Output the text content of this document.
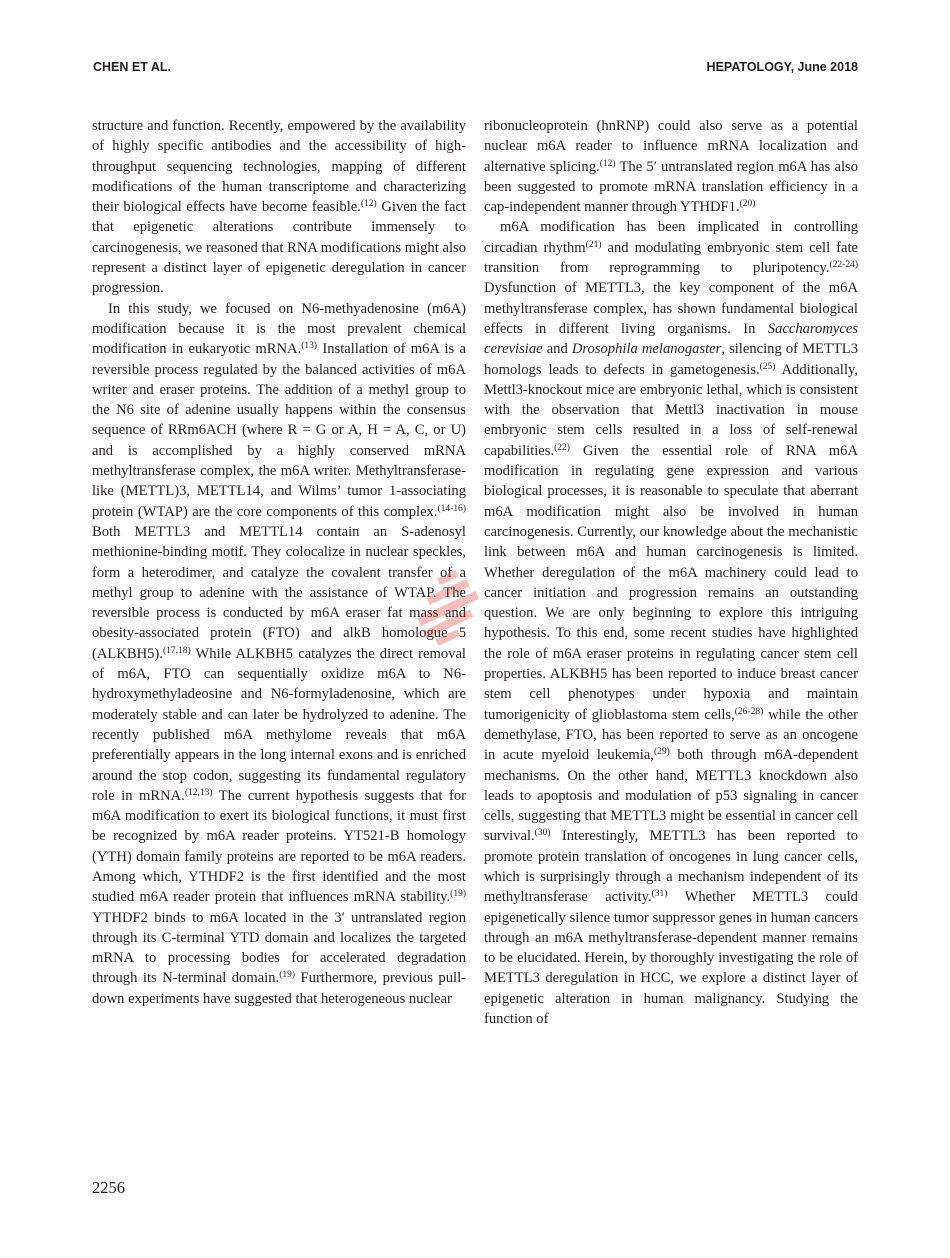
CHEN ET AL.	HEPATOLOGY, June 2018

structure and function. Recently, empowered by the availability of highly specific antibodies and the accessibility of high-throughput sequencing technologies, mapping of different modifications of the human transcriptome and characterizing their biological effects have become feasible.$^{(12)}$ Given the fact that epigenetic alterations contribute immensely to carcinogenesis, we reasoned that RNA modifications might also represent a distinct layer of epigenetic deregulation in cancer progression.

In this study, we focused on N6-methyadenosine (m6A) modification because it is the most prevalent chemical modification in eukaryotic mRNA.$^{(13)}$ Installation of m6A is a reversible process regulated by the balanced activities of m6A writer and eraser proteins. The addition of a methyl group to the N6 site of adenine usually happens within the consensus sequence of RRm6ACH (where R = G or A, H = A, C, or U) and is accomplished by a highly conserved mRNA methyltransferase complex, the m6A writer. Methyltransferase-like (METTL)3, METTL14, and Wilms’ tumor 1-associating protein (WTAP) are the core components of this complex.$^{(14-16)}$ Both METTL3 and METTL14 contain an S-adenosyl methionine-binding motif. They colocalize in nuclear speckles, form a heterodimer, and catalyze the covalent transfer of a methyl group to adenine with the assistance of WTAP. The reversible process is conducted by m6A eraser fat mass and obesity-associated protein (FTO) and alkB homologue 5 (ALKBH5).$^{(17,18)}$ While ALKBH5 catalyzes the direct removal of m6A, FTO can sequentially oxidize m6A to N6-hydroxymethyladeosine and N6-formyladenosine, which are moderately stable and can later be hydrolyzed to adenine. The recently published m6A methylome reveals that m6A preferentially appears in the long internal exons and is enriched around the stop codon, suggesting its fundamental regulatory role in mRNA.$^{(12,13)}$ The current hypothesis suggests that for m6A modification to exert its biological functions, it must first be recognized by m6A reader proteins. YT521-B homology (YTH) domain family proteins are reported to be m6A readers. Among which, YTHDF2 is the first identified and the most studied m6A reader protein that influences mRNA stability.$^{(19)}$ YTHDF2 binds to m6A located in the 3′ untranslated region through its C-terminal YTD domain and localizes the targeted mRNA to processing bodies for accelerated degradation through its N-terminal domain.$^{(19)}$ Furthermore, previous pull-down experiments have suggested that heterogeneous nuclear

ribonucleoprotein (hnRNP) could also serve as a potential nuclear m6A reader to influence mRNA localization and alternative splicing.$^{(12)}$ The 5′ untranslated region m6A has also been suggested to promote mRNA translation efficiency in a cap-independent manner through YTHDF1.$^{(20)}$

m6A modification has been implicated in controlling circadian rhythm$^{(21)}$ and modulating embryonic stem cell fate transition from reprogramming to pluripotency.$^{(22-24)}$ Dysfunction of METTL3, the key component of the m6A methyltransferase complex, has shown fundamental biological effects in different living organisms. In Saccharomyces cerevisiae and Drosophila melanogaster, silencing of METTL3 homologs leads to defects in gametogenesis.$^{(25)}$ Additionally, Mettl3-knockout mice are embryonic lethal, which is consistent with the observation that Mettl3 inactivation in mouse embryonic stem cells resulted in a loss of self-renewal capabilities.$^{(22)}$ Given the essential role of RNA m6A modification in regulating gene expression and various biological processes, it is reasonable to speculate that aberrant m6A modification might also be involved in human carcinogenesis. Currently, our knowledge about the mechanistic link between m6A and human carcinogenesis is limited. Whether deregulation of the m6A machinery could lead to cancer initiation and progression remains an outstanding question. We are only beginning to explore this intriguing hypothesis. To this end, some recent studies have highlighted the role of m6A eraser proteins in regulating cancer stem cell properties. ALKBH5 has been reported to induce breast cancer stem cell phenotypes under hypoxia and maintain tumorigenicity of glioblastoma stem cells,$^{(26-28)}$ while the other demethylase, FTO, has been reported to serve as an oncogene in acute myeloid leukemia,$^{(29)}$ both through m6A-dependent mechanisms. On the other hand, METTL3 knockdown also leads to apoptosis and modulation of p53 signaling in cancer cells, suggesting that METTL3 might be essential in cancer cell survival.$^{(30)}$ Interestingly, METTL3 has been reported to promote protein translation of oncogenes in lung cancer cells, which is surprisingly through a mechanism independent of its methyltransferase activity.$^{(31)}$ Whether METTL3 could epigenetically silence tumor suppressor genes in human cancers through an m6A methyltransferase-dependent manner remains to be elucidated. Herein, by thoroughly investigating the role of METTL3 deregulation in HCC, we explore a distinct layer of epigenetic alteration in human malignancy. Studying the function of

2256
